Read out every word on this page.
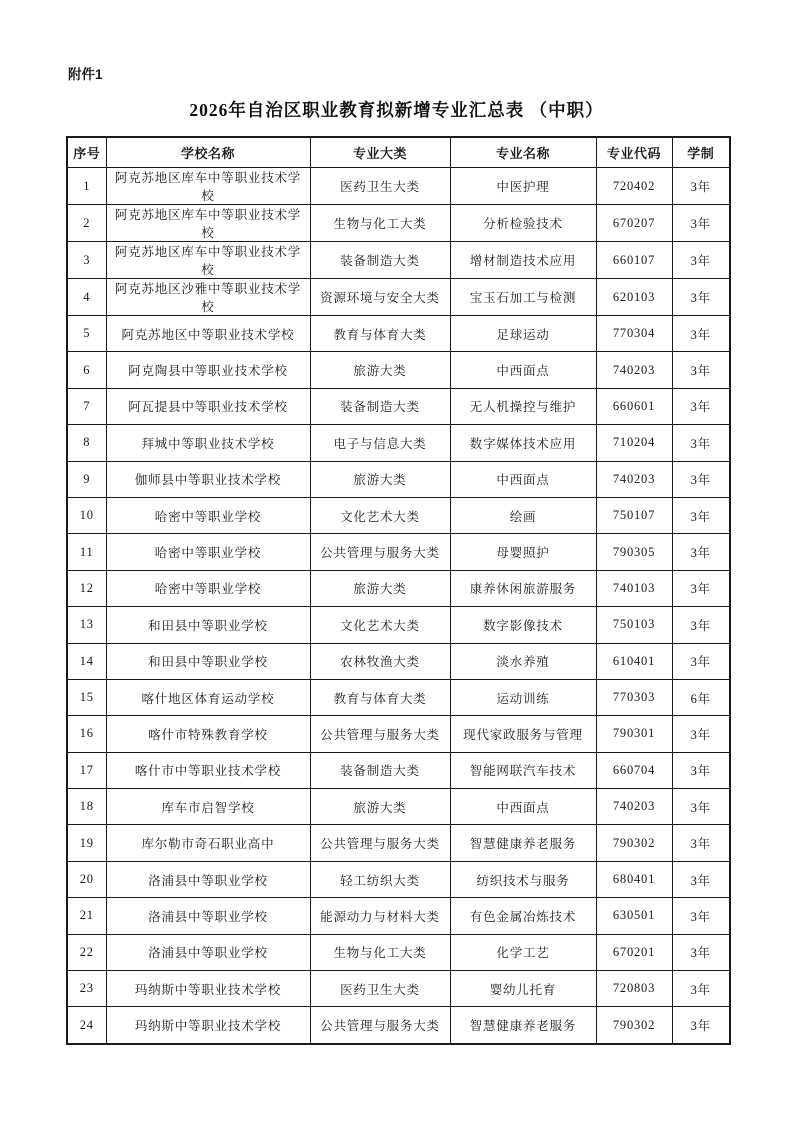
附件1
2026年自治区职业教育拟新增专业汇总表 （中职）
序号	学校名称	专业大类	专业名称	专业代码	学制
1	阿克苏地区库车中等职业技术学校	医药卫生大类	中医护理	720402	3年
2	阿克苏地区库车中等职业技术学校	生物与化工大类	分析检验技术	670207	3年
3	阿克苏地区库车中等职业技术学校	装备制造大类	增材制造技术应用	660107	3年
4	阿克苏地区沙雅中等职业技术学校	资源环境与安全大类	宝玉石加工与检测	620103	3年
5	阿克苏地区中等职业技术学校	教育与体育大类	足球运动	770304	3年
6	阿克陶县中等职业技术学校	旅游大类	中西面点	740203	3年
7	阿瓦提县中等职业技术学校	装备制造大类	无人机操控与维护	660601	3年
8	拜城中等职业技术学校	电子与信息大类	数字媒体技术应用	710204	3年
9	伽师县中等职业技术学校	旅游大类	中西面点	740203	3年
10	哈密中等职业学校	文化艺术大类	绘画	750107	3年
11	哈密中等职业学校	公共管理与服务大类	母婴照护	790305	3年
12	哈密中等职业学校	旅游大类	康养休闲旅游服务	740103	3年
13	和田县中等职业学校	文化艺术大类	数字影像技术	750103	3年
14	和田县中等职业学校	农林牧渔大类	淡水养殖	610401	3年
15	喀什地区体育运动学校	教育与体育大类	运动训练	770303	6年
16	喀什市特殊教育学校	公共管理与服务大类	现代家政服务与管理	790301	3年
17	喀什市中等职业技术学校	装备制造大类	智能网联汽车技术	660704	3年
18	库车市启智学校	旅游大类	中西面点	740203	3年
19	库尔勒市奇石职业高中	公共管理与服务大类	智慧健康养老服务	790302	3年
20	洛浦县中等职业学校	轻工纺织大类	纺织技术与服务	680401	3年
21	洛浦县中等职业学校	能源动力与材料大类	有色金属冶炼技术	630501	3年
22	洛浦县中等职业学校	生物与化工大类	化学工艺	670201	3年
23	玛纳斯中等职业技术学校	医药卫生大类	婴幼儿托育	720803	3年
24	玛纳斯中等职业技术学校	公共管理与服务大类	智慧健康养老服务	790302	3年
